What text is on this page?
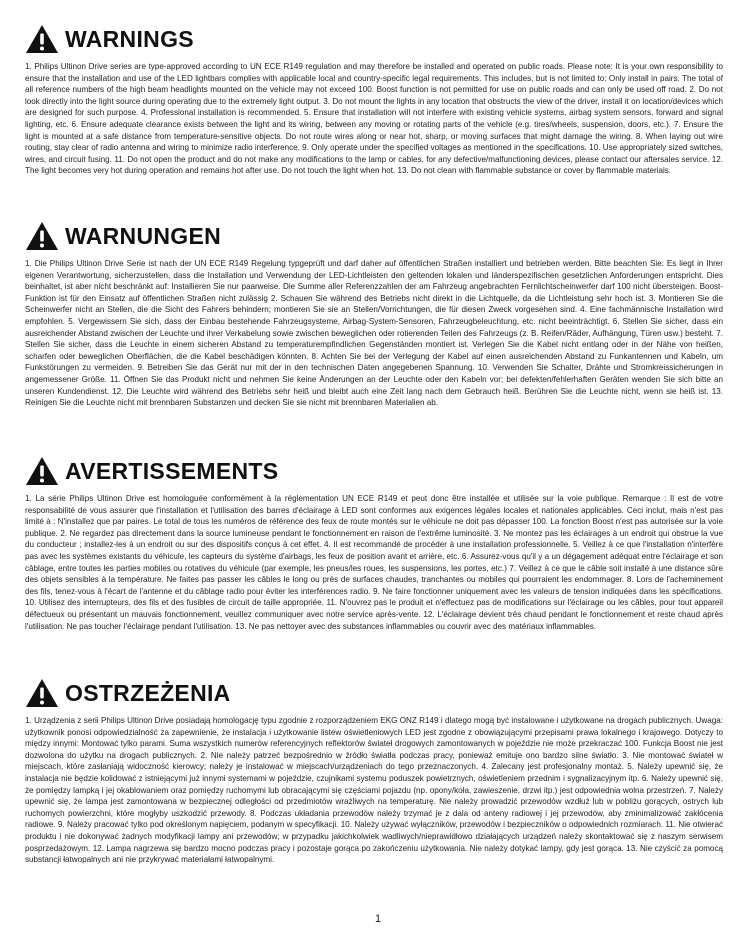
WARNINGS
1. Philips Ultinon Drive series are type-approved according to UN ECE R149 regulation and may therefore be installed and operated on public roads. Please note: It is your own responsibility to ensure that the installation and use of the LED lightbars complies with applicable local and country-specific legal requirements. This includes, but is not limited to: Only install in pairs. The total of all reference numbers of the high beam headlights mounted on the vehicle may not exceed 100. Boost function is not permitted for use on public roads and can only be used off road. 2. Do not look directly into the light source during operating due to the extremely light output. 3. Do not mount the lights in any location that obstructs the view of the driver, install it on location/devices which are designed for such purpose. 4. Professional installation is recommended. 5. Ensure that installation will not interfere with existing vehicle systems, airbag system sensors, forward and signal lighting, etc. 6. Ensure adequate clearance exists between the light and its wiring, between any moving or rotating parts of the vehicle (e.g. tires/wheels, suspension, doors, etc.). 7. Ensure the light is mounted at a safe distance from temperature-sensitive objects. Do not route wires along or near hot, sharp, or moving surfaces that might damage the wiring. 8. When laying out wire routing, stay clear of radio antenna and wiring to minimize radio interference. 9. Only operate under the specified voltages as mentioned in the specifications. 10. Use appropriately sized switches, wires, and circuit fusing. 11. Do not open the product and do not make any modifications to the lamp or cables, for any defective/malfunctioning devices, please contact our aftersales service. 12. The light becomes very hot during operation and remains hot after use. Do not touch the light when hot. 13. Do not clean with flammable substance or cover by flammable materials.
WARNUNGEN
1. Die Philips Ultinon Drive Serie ist nach der UN ECE R149 Regelung typgeprüft und darf daher auf öffentlichen Straßen installiert und betrieben werden. Bitte beachten Sie: Es liegt in Ihrer eigenen Verantwortung, sicherzustellen, dass die Installation und Verwendung der LED-Lichtleisten den geltenden lokalen und länderspezifischen gesetzlichen Anforderungen entspricht. Dies beinhaltet, ist aber nicht beschränkt auf: Installieren Sie nur paarweise. Die Summe aller Referenzzahlen der am Fahrzeug angebrachten Fernlichtscheinwerfer darf 100 nicht übersteigen. Boost-Funktion ist für den Einsatz auf öffentlichen Straßen nicht zulässig 2. Schauen Sie während des Betriebs nicht direkt in die Lichtquelle, da die Lichtleistung sehr hoch ist. 3. Montieren Sie die Scheinwerfer nicht an Stellen, die die Sicht des Fahrers behindern; montieren Sie sie an Stellen/Vorrichtungen, die für diesen Zweck vorgesehen sind. 4. Eine fachmännische Installation wird empfohlen. 5. Vergewissern Sie sich, dass der Einbau bestehende Fahrzeugsysteme, Airbag-System-Sensoren, Fahrzeugbeleuchtung, etc. nicht beeinträchtigt. 6. Stellen Sie sicher, dass ein ausreichender Abstand zwischen der Leuchte und ihrer Verkabelung sowie zwischen beweglichen oder rotierenden Teilen des Fahrzeugs (z. B. Reifen/Räder, Aufhängung, Türen usw.) besteht. 7. Stellen Sie sicher, dass die Leuchte in einem sicheren Abstand zu temperaturempfindlichen Gegenständen montiert ist. Verlegen Sie die Kabel nicht entlang oder in der Nähe von heißen, scharfen oder beweglichen Oberflächen, die die Kabel beschädigen könnten. 8. Achten Sie bei der Verlegung der Kabel auf einen ausreichenden Abstand zu Funkantennen und Kabeln, um Funkstörungen zu vermeiden. 9. Betreiben Sie das Gerät nur mit der in den technischen Daten angegebenen Spannung. 10. Verwenden Sie Schalter, Drähte und Stromkreissicherungen in angemessener Größe. 11. Öffnen Sie das Produkt nicht und nehmen Sie keine Änderungen an der Leuchte oder den Kabeln vor; bei defekten/fehlerhaften Geräten wenden Sie sich bitte an unseren Kundendienst. 12. Die Leuchte wird während des Betriebs sehr heiß und bleibt auch eine Zeit lang nach dem Gebrauch heiß. Berühren Sie die Leuchte nicht, wenn sie heiß ist. 13. Reinigen Sie die Leuchte nicht mit brennbaren Substanzen und decken Sie sie nicht mit brennbaren Materialien ab.
AVERTISSEMENTS
1. La série Philips Ultinon Drive est homologuée conformément à la réglementation UN ECE R149 et peut donc être installée et utilisée sur la voie publique. Remarque : Il est de votre responsabilité de vous assurer que l'installation et l'utilisation des barres d'éclairage à LED sont conformes aux exigences légales locales et nationales applicables. Ceci inclut, mais n'est pas limité à : N'installez que par paires. Le total de tous les numéros de référence des feux de route montés sur le véhicule ne doit pas dépasser 100. La fonction Boost n'est pas autorisée sur la voie publique. 2. Ne regardez pas directement dans la source lumineuse pendant le fonctionnement en raison de l'extrême luminosité. 3. Ne montez pas les éclairages à un endroit qui obstrue la vue du conducteur ; installez-les à un endroit ou sur des dispositifs conçus à cet effet. 4. Il est recommandé de procéder à une installation professionnelle. 5. Veillez à ce que l'installation n'interfère pas avec les systèmes existants du véhicule, les capteurs du système d'airbags, les feux de position avant et arrière, etc. 6. Assurez-vous qu'il y a un dégagement adéquat entre l'éclairage et son câblage, entre toutes les parties mobiles ou rotatives du véhicule (par exemple, les pneus/les roues, les suspensions, les portes, etc.) 7. Veillez à ce que le câble soit installé à une distance sûre des objets sensibles à la température. Ne faites pas passer les câbles le long ou près de surfaces chaudes, tranchantes ou mobiles qui pourraient les endommager. 8. Lors de l'acheminement des fils, tenez-vous à l'écart de l'antenne et du câblage radio pour éviter les interférences radio. 9. Ne faire fonctionner uniquement avec les valeurs de tension indiquées dans les spécifications. 10. Utilisez des interrupteurs, des fils et des fusibles de circuit de taille appropriée. 11. N'ouvrez pas le produit et n'effectuez pas de modifications sur l'éclairage ou les câbles, pour tout appareil défectueux ou présentant un mauvais fonctionnement, veuillez communiquer avec notre service après-vente. 12. L'éclairage devient très chaud pendant le fonctionnement et reste chaud après l'utilisation. Ne pas toucher l'éclairage pendant l'utilisation. 13. Ne pas nettoyer avec des substances inflammables ou couvrir avec des matériaux inflammables.
OSTRZEŻENIA
1. Urządzenia z serii Philips Ultinon Drive posiadają homologację typu zgodnie z rozporządzeniem EKG ONZ R149 i dlatego mogą być instalowane i użytkowane na drogach publicznych. Uwaga: użytkownik ponosi odpowiedzialność za zapewnienie, że instalacja i użytkowanie listew oświetleniowych LED jest zgodne z obowiązującymi przepisami prawa lokalnego i krajowego. Dotyczy to między innymi: Montować tylko parami. Suma wszystkich numerów referencyjnych reflektorów świateł drogowych zamontowanych w pojeździe nie może przekraczać 100. Funkcja Boost nie jest dozwolona do użytku na drogach publicznych. 2. Nie należy patrzeć bezpośrednio w źródło światła podczas pracy, ponieważ emituje ono bardzo silne światło. 3. Nie montować świateł w miejscach, które zasłaniają widoczność kierowcy; należy je instalować w miejscach/urządzeniach do tego przeznaczonych. 4. Zalecany jest profesjonalny montaż. 5. Należy upewnić się, że instalacja nie będzie kolidować z istniejącymi już innymi systemami w pojeździe, czujnikami systemu poduszek powietrznych, oświetleniem przednim i sygnalizacyjnym itp. 6. Należy upewnić się, że pomiędzy lampką i jej okablowaniem oraz pomiędzy ruchomymi lub obracającymi się częściami pojazdu (np. opony/koła, zawieszenie, drzwi itp.) jest odpowiednia wolna przestrzeń. 7. Należy upewnić się, że lampa jest zamontowana w bezpiecznej odległości od przedmiotów wrażliwych na temperaturę. Nie należy prowadzić przewodów wzdłuż lub w pobliżu gorących, ostrych lub ruchomych powierzchni, które mogłyby uszkodzić przewody. 8. Podczas układania przewodów należy trzymać je z dala od anteny radiowej i jej przewodów, aby zminimalizować zakłócenia radiowe. 9. Należy pracować tylko pod określonym napięciem, podanym w specyfikacji. 10. Należy używać wyłączników, przewodów i bezpieczników o odpowiednich rozmiarach. 11. Nie otwierać produktu i nie dokonywać żadnych modyfikacji lampy ani przewodów; w przypadku jakichkolwiek wadliwych/nieprawidłowo działających urządzeń należy skontaktować się z naszym serwisem posprzedażowym. 12. Lampa nagrzewa się bardzo mocno podczas pracy i pozostaje gorąca po zakończeniu użytkowania. Nie należy dotykać lampy, gdy jest gorąca. 13. Nie czyścić za pomocą substancji łatwopalnych ani nie przykrywać materiałami łatwopalnymi.
1
